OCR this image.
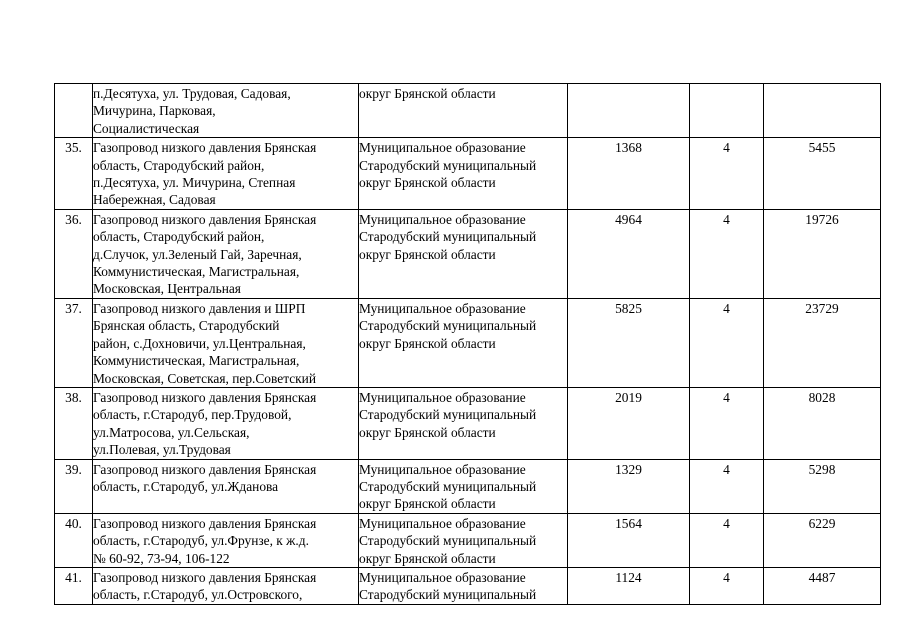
	п.Десятуха, ул. Трудовая, Садовая,
Мичурина, Парковая,
Социалистическая	округ Брянской области			

35.	Газопровод низкого давления Брянская
область, Стародубский район,
п.Десятуха, ул. Мичурина, Степная
Набережная, Садовая	Муниципальное образование
Стародубский муниципальный
округ Брянской области	1368	4	5455
36.	Газопровод низкого давления Брянская
область, Стародубский район,
д.Случок, ул.Зеленый Гай, Заречная,
Коммунистическая, Магистральная,
Московская, Центральная	Муниципальное образование
Стародубский муниципальный
округ Брянской области	4964	4	19726
37.	Газопровод низкого давления и ШРП
Брянская область, Стародубский
район, с.Дохновичи, ул.Центральная,
Коммунистическая, Магистральная,
Московская, Советская, пер.Советский	Муниципальное образование
Стародубский муниципальный
округ Брянской области	5825	4	23729
38.	Газопровод низкого давления Брянская
область, г.Стародуб, пер.Трудовой,
ул.Матросова, ул.Сельская,
ул.Полевая, ул.Трудовая	Муниципальное образование
Стародубский муниципальный
округ Брянской области	2019	4	8028
39.	Газопровод низкого давления Брянская
область, г.Стародуб, ул.Жданова	Муниципальное образование
Стародубский муниципальный
округ Брянской области	1329	4	5298
40.	Газопровод низкого давления Брянская
область, г.Стародуб, ул.Фрунзе, к ж.д.
№ 60-92, 73-94, 106-122	Муниципальное образование
Стародубский муниципальный
округ Брянской области	1564	4	6229
41.	Газопровод низкого давления Брянская
область, г.Стародуб, ул.Островского,	Муниципальное образование
Стародубский муниципальный	1124	4	4487
